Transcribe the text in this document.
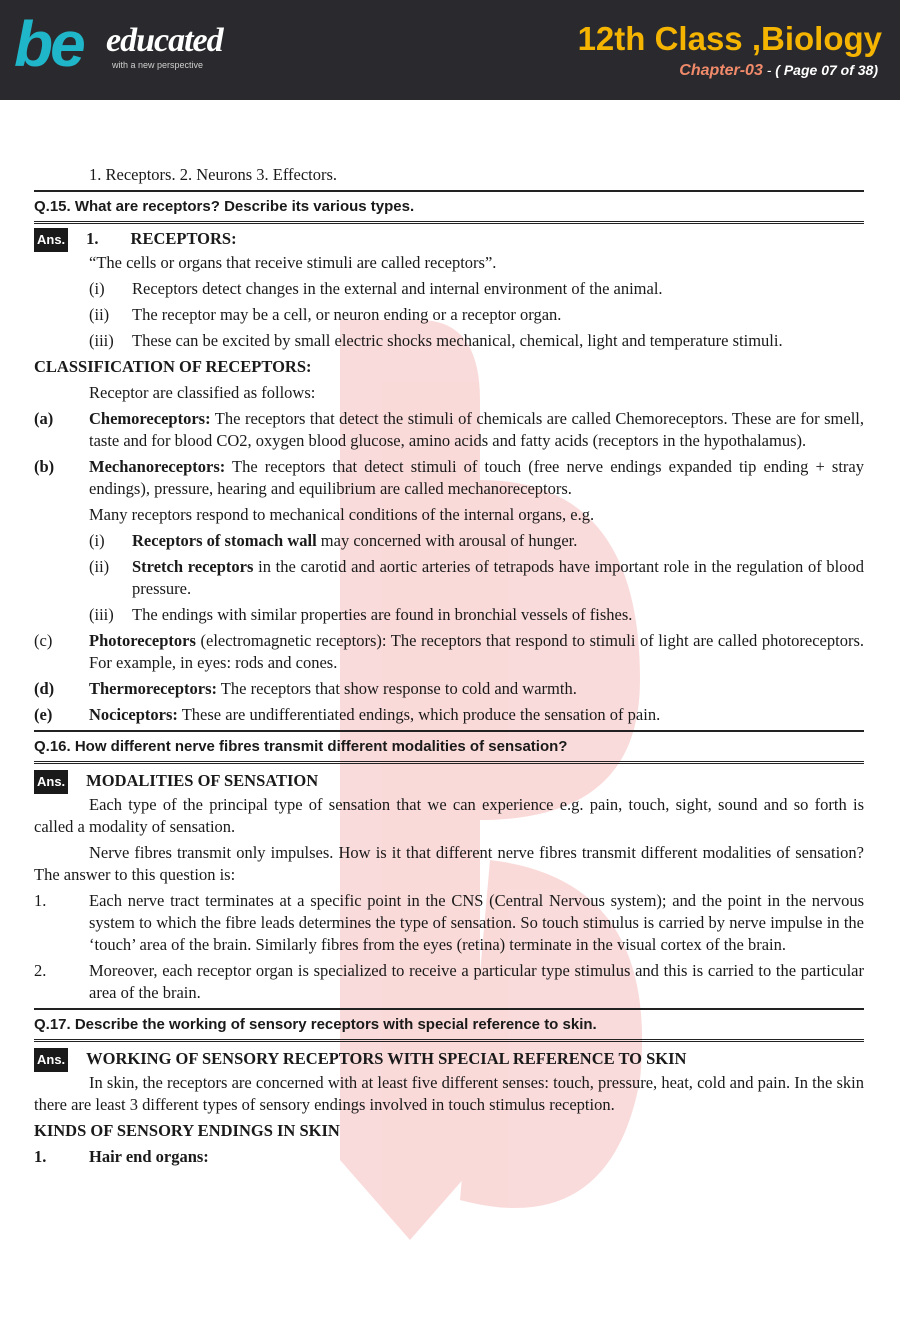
be educated
with a new perspective
12th Class ,Biology
Chapter-03 - ( Page 07 of 38)

1. Receptors. 2. Neurons 3. Effectors.

Q.15. What are receptors? Describe its various types.
Ans. 1. RECEPTORS:

“The cells or organs that receive stimuli are called receptors”.

(i)	Receptors detect changes in the external and internal environment of the animal.
(ii)	The receptor may be a cell, or neuron ending or a receptor organ.
(iii)	These can be excited by small electric shocks mechanical, chemical, light and temperature stimuli.

CLASSIFICATION OF RECEPTORS:

Receptor are classified as follows:

(a)	Chemoreceptors: The receptors that detect the stimuli of chemicals are called Chemoreceptors. These are for smell, taste and for blood CO2, oxygen blood glucose, amino acids and fatty acids (receptors in the hypothalamus).
(b)	Mechanoreceptors: The receptors that detect stimuli of touch (free nerve endings expanded tip ending + stray endings), pressure, hearing and equilibrium are called mechanoreceptors.

Many receptors respond to mechanical conditions of the internal organs, e.g.

(i)	Receptors of stomach wall may concerned with arousal of hunger.
(ii)	Stretch receptors in the carotid and aortic arteries of tetrapods have important role in the regulation of blood pressure.
(iii)	The endings with similar properties are found in bronchial vessels of fishes.
(c)	Photoreceptors (electromagnetic receptors): The receptors that respond to stimuli of light are called photoreceptors. For example, in eyes: rods and cones.
(d)	Thermoreceptors: The receptors that show response to cold and warmth.
(e)	Nociceptors: These are undifferentiated endings, which produce the sensation of pain.
Q.16. How different nerve fibres transmit different modalities of sensation?
Ans. MODALITIES OF SENSATION

Each type of the principal type of sensation that we can experience e.g. pain, touch, sight, sound and so forth is called a modality of sensation.

Nerve fibres transmit only impulses. How is it that different nerve fibres transmit different modalities of sensation? The answer to this question is:

1.	Each nerve tract terminates at a specific point in the CNS (Central Nervous system); and the point in the nervous system to which the fibre leads determines the type of sensation. So touch stimulus is carried by nerve impulse in the ‘touch’ area of the brain. Similarly fibres from the eyes (retina) terminate in the visual cortex of the brain.
2.	Moreover, each receptor organ is specialized to receive a particular type stimulus and this is carried to the particular area of the brain.
Q.17. Describe the working of sensory receptors with special reference to skin.
Ans. WORKING OF SENSORY RECEPTORS WITH SPECIAL REFERENCE TO SKIN

In skin, the receptors are concerned with at least five different senses: touch, pressure, heat, cold and pain. In the skin there are least 3 different types of sensory endings involved in touch stimulus reception.

KINDS OF SENSORY ENDINGS IN SKIN

1.	Hair end organs:
